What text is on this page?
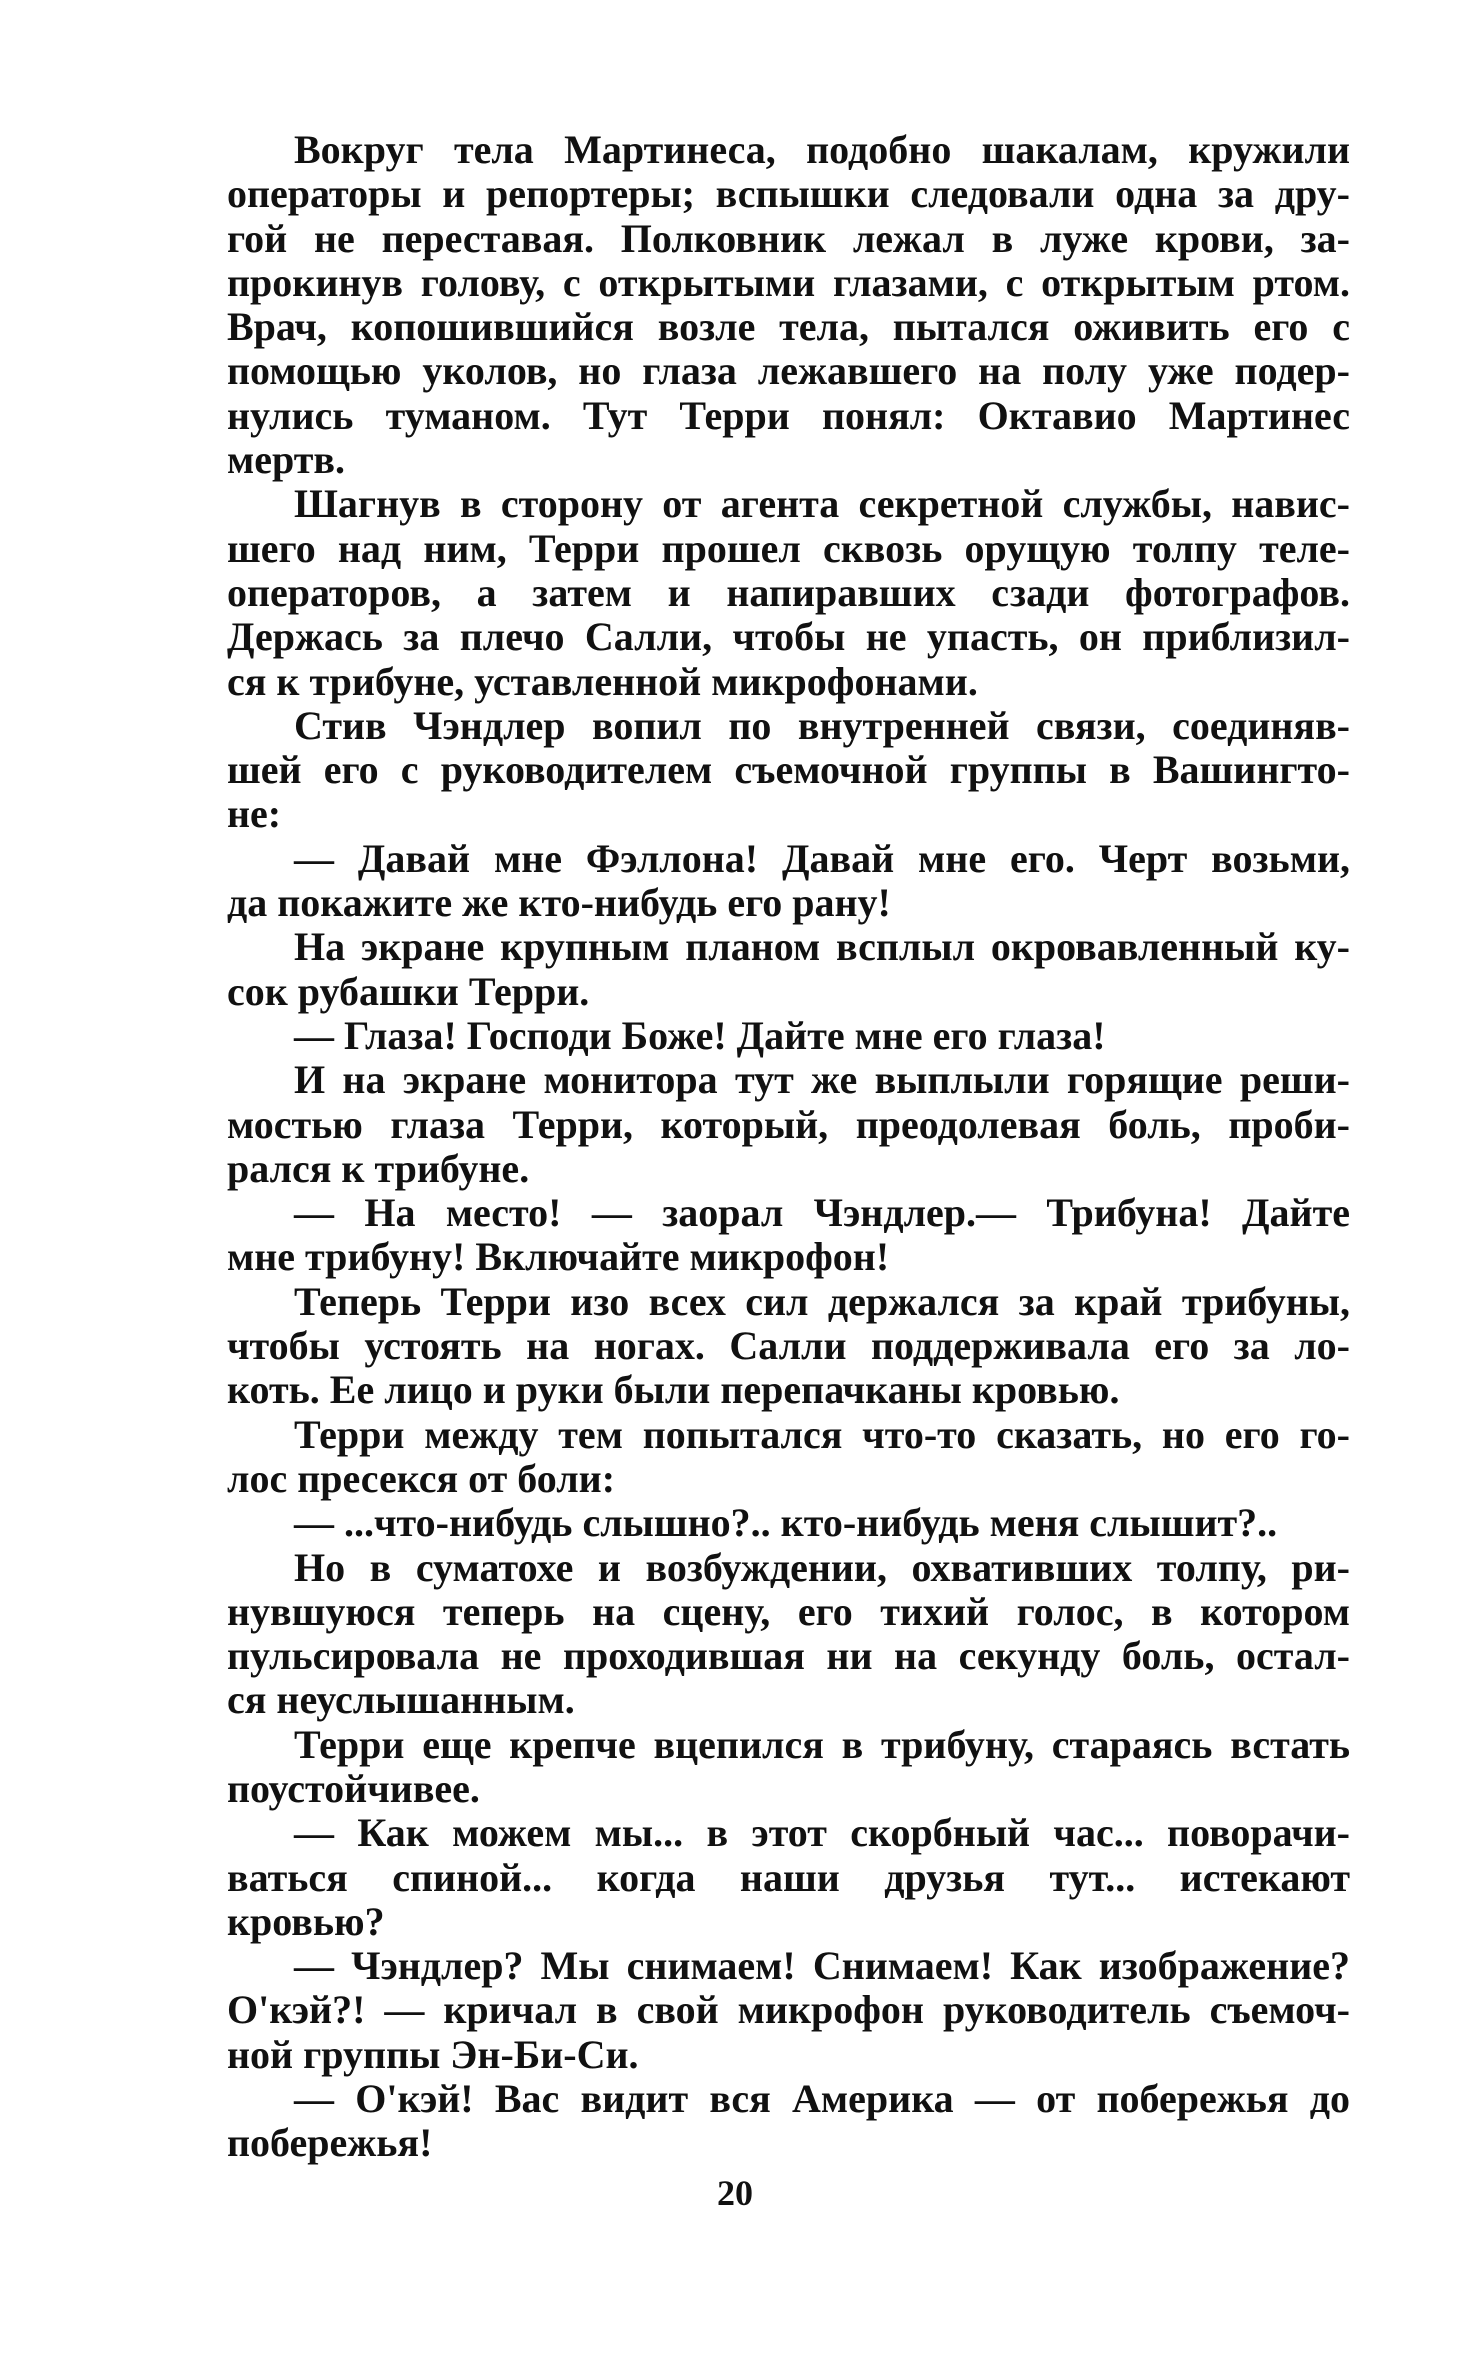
Вокруг тела Мартинеса, подобно шакалам, кружили
операторы и репортеры; вспышки следовали одна за дру-
гой не переставая. Полковник лежал в луже крови, за-
прокинув голову, с открытыми глазами, с открытым ртом.
Врач, копошившийся возле тела, пытался оживить его с
помощью уколов, но глаза лежавшего на полу уже подер-
нулись туманом. Тут Терри понял: Октавио Мартинес
мертв.
Шагнув в сторону от агента секретной службы, навис-
шего над ним, Терри прошел сквозь орущую толпу теле-
операторов, а затем и напиравших сзади фотографов.
Держась за плечо Салли, чтобы не упасть, он приблизил-
ся к трибуне, уставленной микрофонами.
Стив Чэндлер вопил по внутренней связи, соединяв-
шей его с руководителем съемочной группы в Вашингто-
не:
— Давай мне Фэллона! Давай мне его. Черт возьми,
да покажите же кто-нибудь его рану!
На экране крупным планом всплыл окровавленный ку-
сок рубашки Терри.
— Глаза! Господи Боже! Дайте мне его глаза!
И на экране монитора тут же выплыли горящие реши-
мостью глаза Терри, который, преодолевая боль, проби-
рался к трибуне.
— На место! — заорал Чэндлер.— Трибуна! Дайте
мне трибуну! Включайте микрофон!
Теперь Терри изо всех сил держался за край трибуны,
чтобы устоять на ногах. Салли поддерживала его за ло-
коть. Ее лицо и руки были перепачканы кровью.
Терри между тем попытался что-то сказать, но его го-
лос пресекся от боли:
— ...что-нибудь слышно?.. кто-нибудь меня слышит?..
Но в суматохе и возбуждении, охвативших толпу, ри-
нувшуюся теперь на сцену, его тихий голос, в котором
пульсировала не проходившая ни на секунду боль, остал-
ся неуслышанным.
Терри еще крепче вцепился в трибуну, стараясь встать
поустойчивее.
— Как можем мы... в этот скорбный час... поворачи-
ваться спиной... когда наши друзья тут... истекают
кровью?
— Чэндлер? Мы снимаем! Снимаем! Как изображение?
О'кэй?! — кричал в свой микрофон руководитель съемоч-
ной группы Эн-Би-Си.
— О'кэй! Вас видит вся Америка — от побережья до
побережья!
20
